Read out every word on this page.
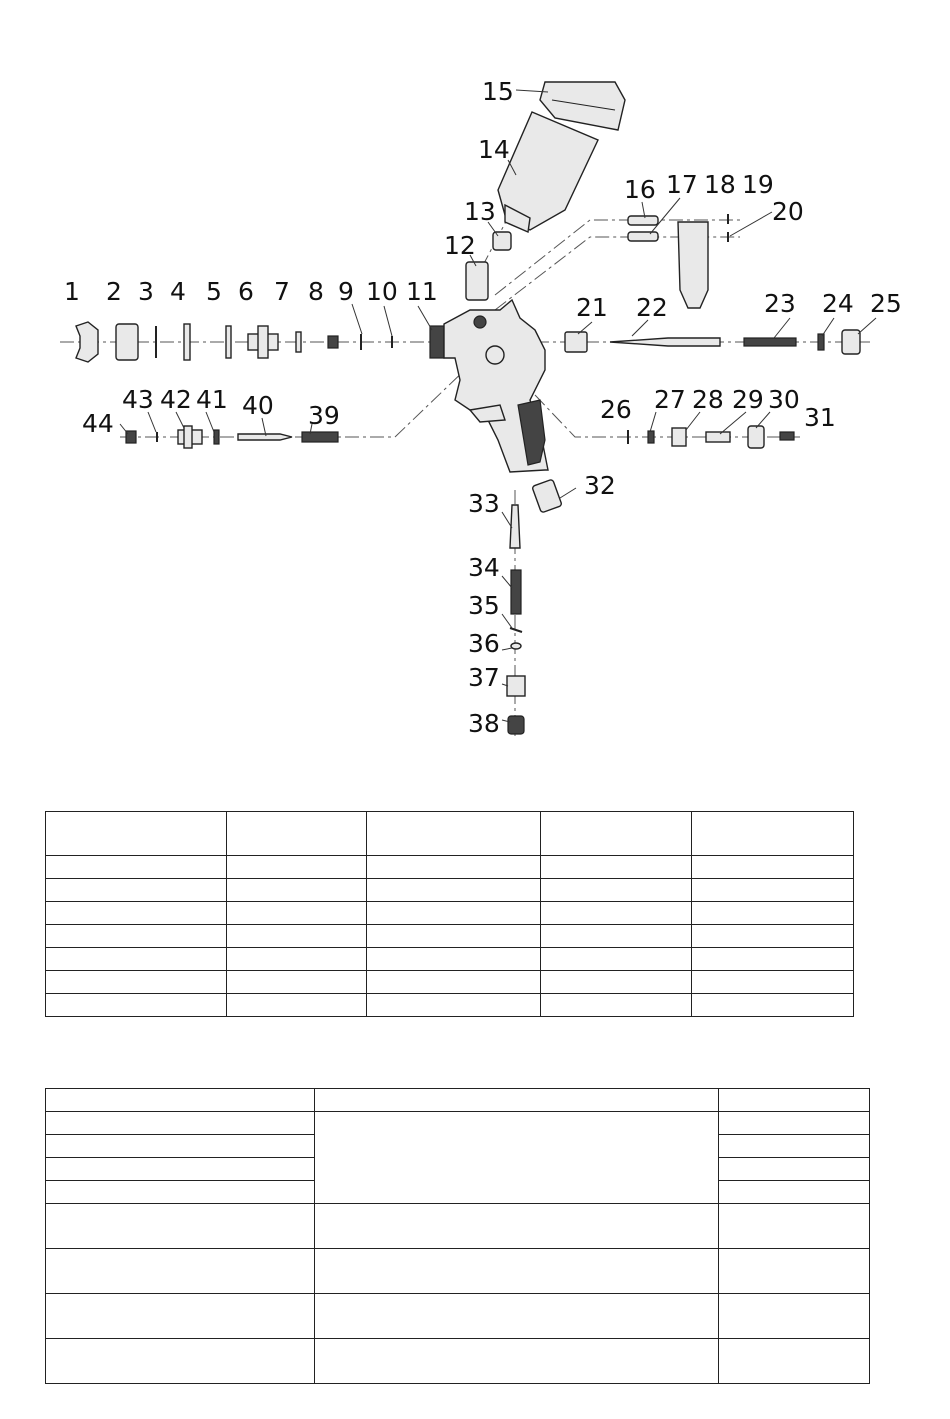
1 2 3 4 5 6 7 8 9 10 11
12
13
14
15
16 17 18 19
20
21 22	23 24 25
26 27 28 29 30
31
32
33
34
35
36
37
38
39
40
41
42
43
44
